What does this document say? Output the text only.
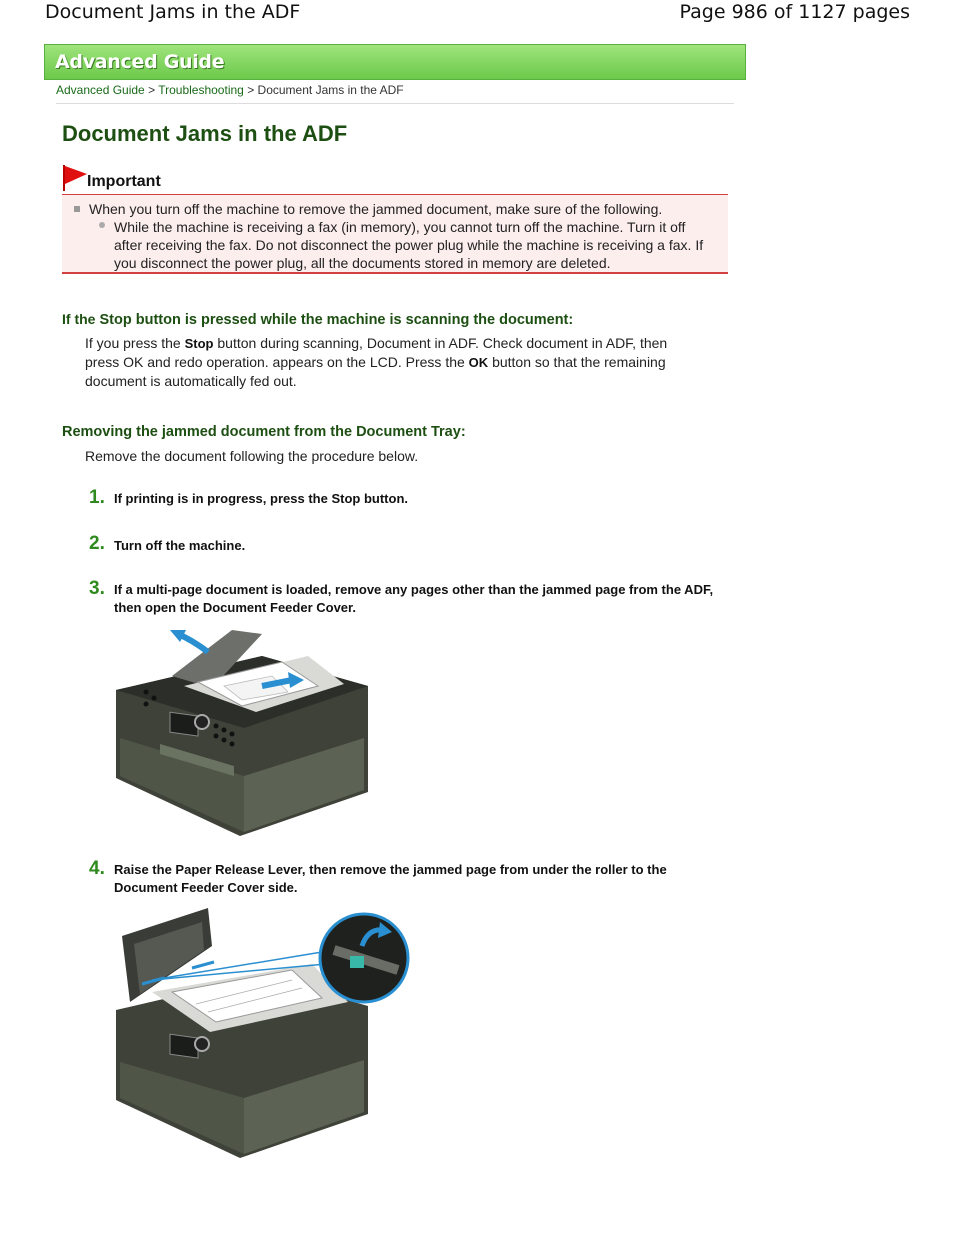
Document Jams in the ADF	Page 986 of 1127 pages
Advanced Guide
Advanced Guide > Troubleshooting > Document Jams in the ADF
Document Jams in the ADF
Important
When you turn off the machine to remove the jammed document, make sure of the following.
While the machine is receiving a fax (in memory), you cannot turn off the machine. Turn it off after receiving the fax. Do not disconnect the power plug while the machine is receiving a fax. If you disconnect the power plug, all the documents stored in memory are deleted.
If the Stop button is pressed while the machine is scanning the document:
If you press the Stop button during scanning, Document in ADF. Check document in ADF, then press OK and redo operation. appears on the LCD. Press the OK button so that the remaining document is automatically fed out.
Removing the jammed document from the Document Tray:
Remove the document following the procedure below.
1. If printing is in progress, press the Stop button.
2. Turn off the machine.
3. If a multi-page document is loaded, remove any pages other than the jammed page from the ADF, then open the Document Feeder Cover.
4. Raise the Paper Release Lever, then remove the jammed page from under the roller to the Document Feeder Cover side.
